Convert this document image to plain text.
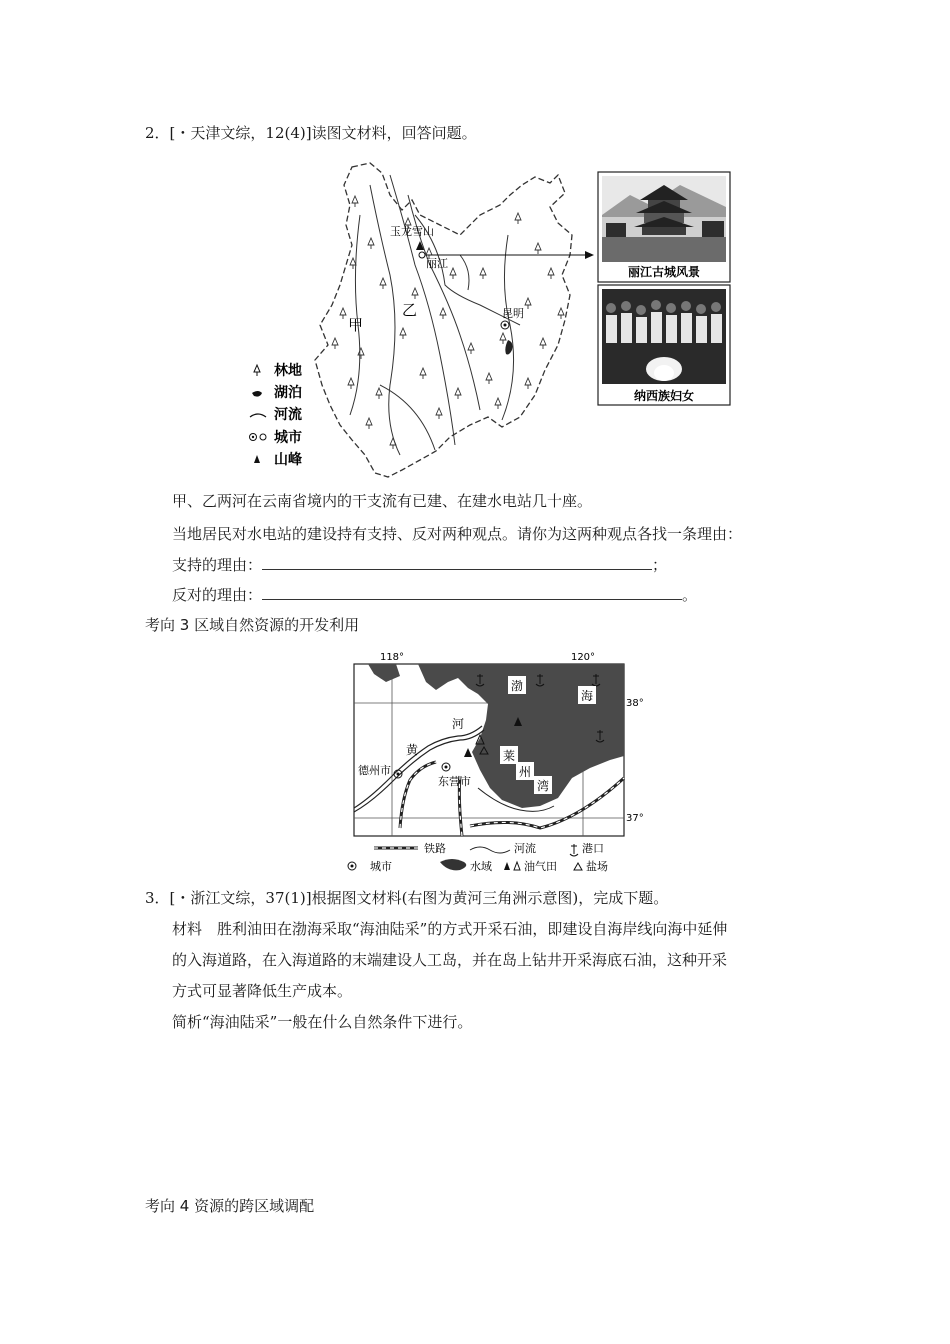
2．[・天津文综，12(4)]读图文材料，回答问题。
玉龙雪山
丽江
昆明
甲
乙
林地
湖泊
河流
城市
山峰
丽江古城风景
纳西族妇女
甲、乙两河在云南省境内的干支流有已建、在建水电站几十座。
当地居民对水电站的建设持有支持、反对两种观点。请你为这两种观点各找一条理由：
支持的理由：	；
反对的理由：	。
考向 3 区域自然资源的开发利用
德州市
东营市
渤
海
莱
州
湾
河
黄
118°	120°
38°
37°
铁路	河流	港口
城市	水域	油气田	盐场
3．[・浙江文综，37(1)]根据图文材料(右图为黄河三角洲示意图)，完成下题。
材料　胜利油田在渤海采取“海油陆采”的方式开采石油，即建设自海岸线向海中延伸
的入海道路，在入海道路的末端建设人工岛，并在岛上钻井开采海底石油，这种开采
方式可显著降低生产成本。
简析“海油陆采”一般在什么自然条件下进行。
考向 4 资源的跨区域调配
